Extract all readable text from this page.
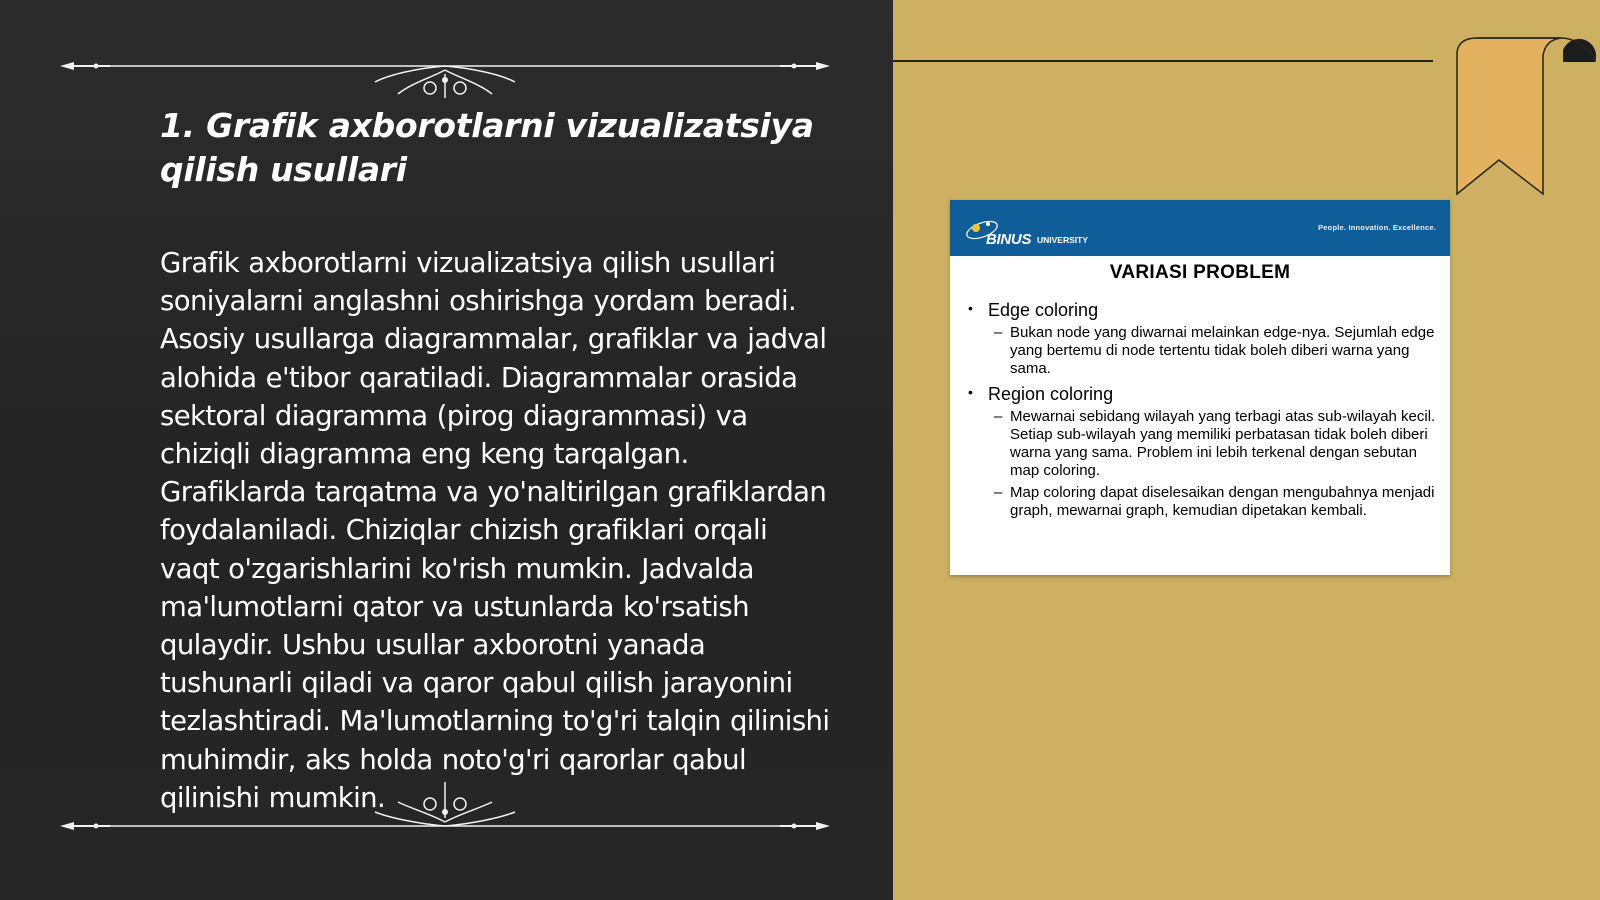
1. Grafik axborotlarni vizualizatsiya qilish usullari

Grafik axborotlarni vizualizatsiya qilish usullari soniyalarni anglashni oshirishga yordam beradi. Asosiy usullarga diagrammalar, grafiklar va jadval alohida e'tibor qaratiladi. Diagrammalar orasida sektoral diagramma (pirog diagrammasi) va chiziqli diagramma eng keng tarqalgan. Grafiklarda tarqatma va yo'naltirilgan grafiklardan foydalaniladi. Chiziqlar chizish grafiklari orqali vaqt o'zgarishlarini ko'rish mumkin. Jadvalda ma'lumotlarni qator va ustunlarda ko'rsatish qulaydir. Ushbu usullar axborotni yanada tushunarli qiladi va qaror qabul qilish jarayonini tezlashtiradi. Ma'lumotlarning to'g'ri talqin qilinishi muhimdir, aks holda noto'g'ri qarorlar qabul qilinishi mumkin.

BINUS UNIVERSITY
People. Innovation. Excellence.
VARIASI PROBLEM
• Edge coloring
– Bukan node yang diwarnai melainkan edge-nya. Sejumlah edge yang bertemu di node tertentu tidak boleh diberi warna yang sama.
• Region coloring
– Mewarnai sebidang wilayah yang terbagi atas sub-wilayah kecil. Setiap sub-wilayah yang memiliki perbatasan tidak boleh diberi warna yang sama. Problem ini lebih terkenal dengan sebutan map coloring.
– Map coloring dapat diselesaikan dengan mengubahnya menjadi graph, mewarnai graph, kemudian dipetakan kembali.
